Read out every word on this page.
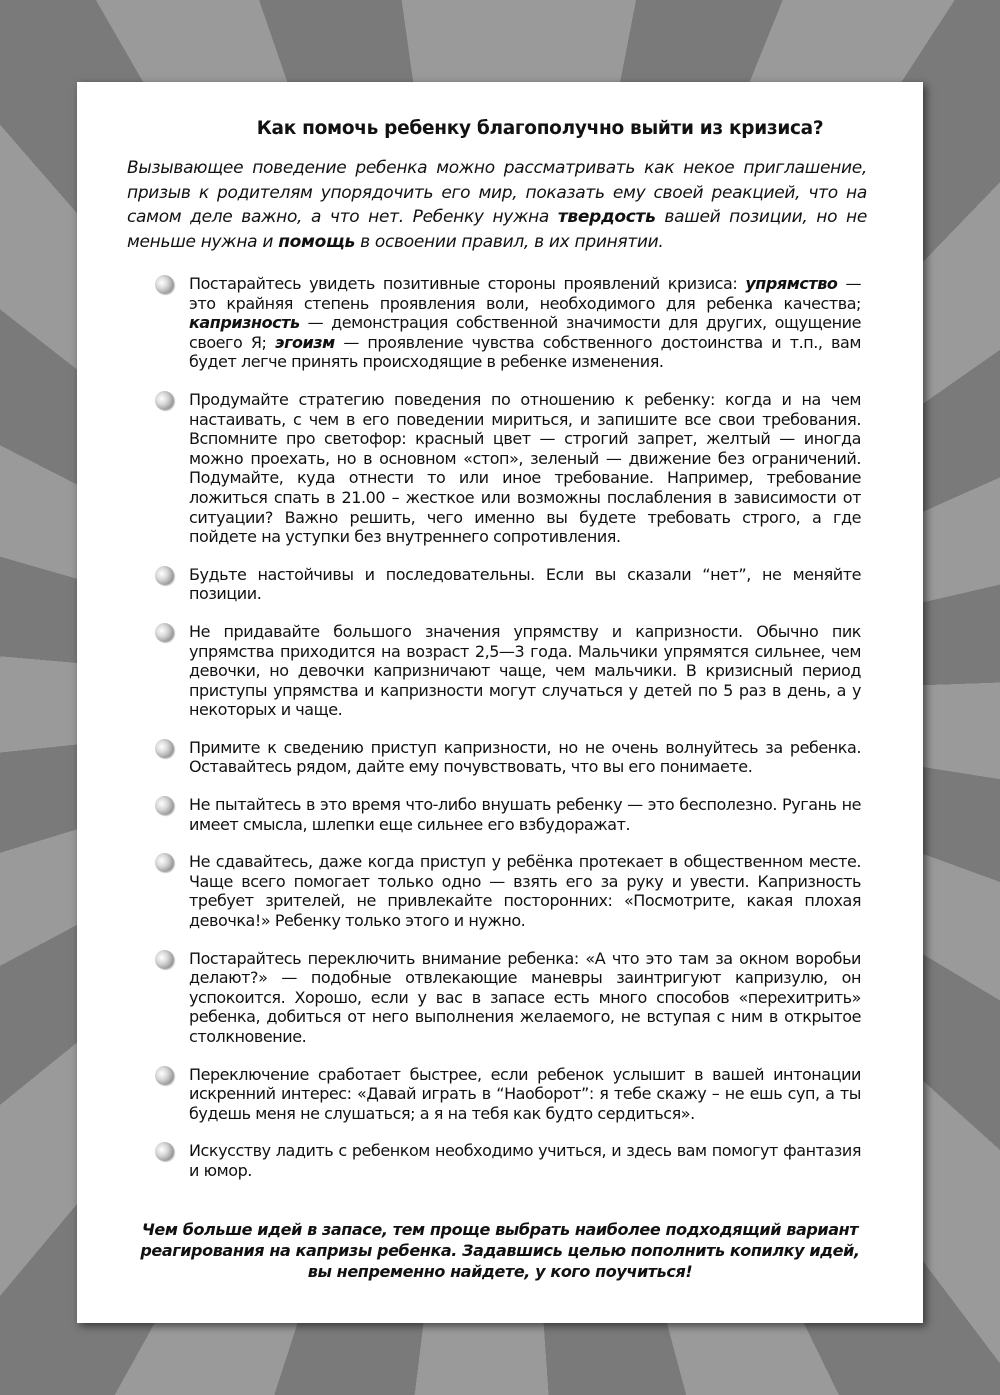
Как помочь ребенку благополучно выйти из кризиса?
Вызывающее поведение ребенка можно рассматривать как некое приглашение, призыв к родителям упорядочить его мир, показать ему своей реакцией, что на самом деле важно, а что нет. Ребенку нужна твердость вашей позиции, но не меньше нужна и помощь в освоении правил, в их принятии.
Постарайтесь увидеть позитивные стороны проявлений кризиса: упрямство — это крайняя степень проявления воли, необходимого для ребенка качества; капризность — демонстрация собственной значимости для других, ощущение своего Я; эгоизм — проявление чувства собственного достоинства и т.п., вам будет легче принять происходящие в ребенке изменения.
Продумайте стратегию поведения по отношению к ребенку: когда и на чем настаивать, с чем в его поведении мириться, и запишите все свои требования. Вспомните про светофор: красный цвет — строгий запрет, желтый — иногда можно проехать, но в основном «стоп», зеленый — движение без ограничений. Подумайте, куда отнести то или иное требование. Например, требование ложиться спать в 21.00 – жесткое или возможны послабления в зависимости от ситуации? Важно решить, чего именно вы будете требовать строго, а где пойдете на уступки без внутреннего сопротивления.
Будьте настойчивы и последовательны. Если вы сказали “нет”, не меняйте позиции.
Не придавайте большого значения упрямству и капризности. Обычно пик упрямства приходится на возраст 2,5—3 года. Мальчики упрямятся сильнее, чем девочки, но девочки капризничают чаще, чем мальчики. В кризисный период приступы упрямства и капризности могут случаться у детей по 5 раз в день, а у некоторых и чаще.
Примите к сведению приступ капризности, но не очень волнуйтесь за ребенка. Оставайтесь рядом, дайте ему почувствовать, что вы его понимаете.
Не пытайтесь в это время что-либо внушать ребенку — это бесполезно. Ругань не имеет смысла, шлепки еще сильнее его взбудоражат.
Не сдавайтесь, даже когда приступ у ребёнка протекает в общественном месте. Чаще всего помогает только одно — взять его за руку и увести. Капризность требует зрителей, не привлекайте посторонних: «Посмотрите, какая плохая девочка!» Ребенку только этого и нужно.
Постарайтесь переключить внимание ребенка: «А что это там за окном воробьи делают?» — подобные отвлекающие маневры заинтригуют капризулю, он успокоится. Хорошо, если у вас в запасе есть много способов «перехитрить» ребенка, добиться от него выполнения желаемого, не вступая с ним в открытое столкновение.
Переключение сработает быстрее, если ребенок услышит в вашей интонации искренний интерес: «Давай играть в “Наоборот”: я тебе скажу – не ешь суп, а ты будешь меня не слушаться; а я на тебя как будто сердиться».
Искусству ладить с ребенком необходимо учиться, и здесь вам помогут фантазия и юмор.
Чем больше идей в запасе, тем проще выбрать наиболее подходящий вариант реагирования на капризы ребенка. Задавшись целью пополнить копилку идей, вы непременно найдете, у кого поучиться!
